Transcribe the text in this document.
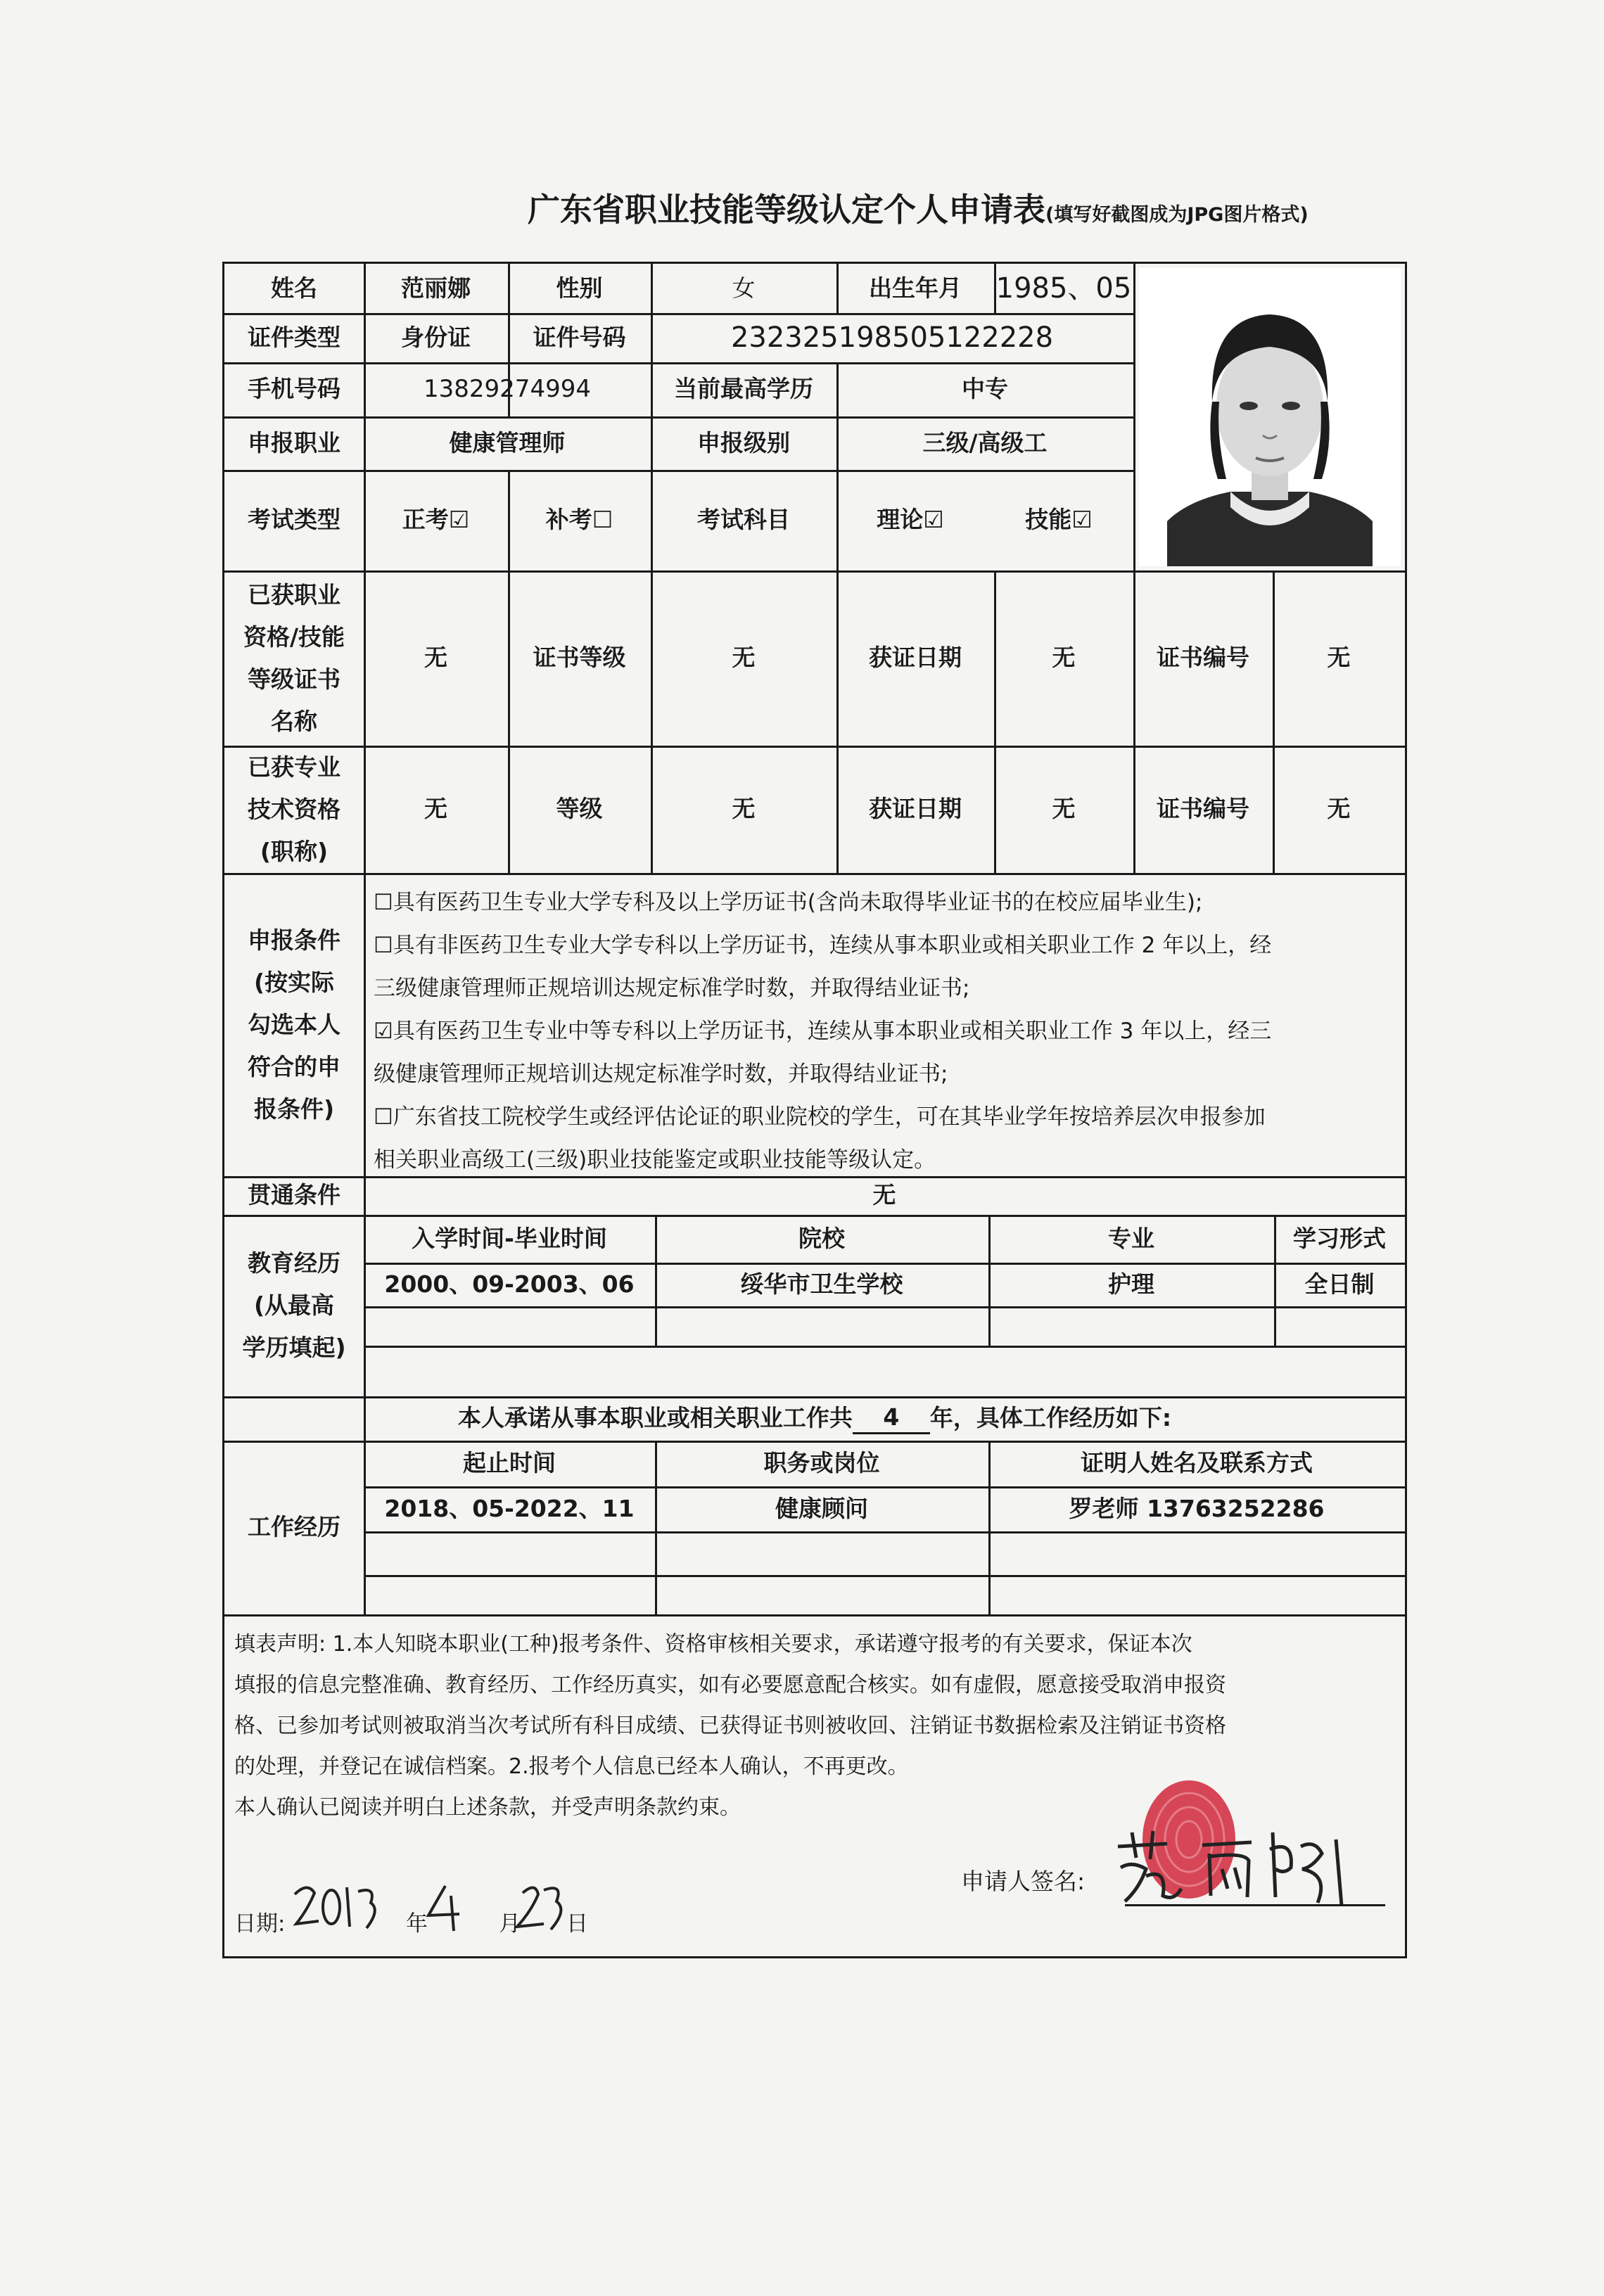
广东省职业技能等级认定个人申请表(填写好截图成为JPG图片格式)
姓名	范丽娜	性别	女	出生年月	1985、05
证件类型	身份证	证件号码	232325198505122228
手机号码	13829274994	当前最高学历	中专
申报职业	健康管理师	申报级别	三级/高级工
考试类型	正考☑	补考☐	考试科目	理论☑	技能☑
已获职业
资格/技能
等级证书
名称
无	证书等级	无	获证日期	无	证书编号	无
已获专业
技术资格
(职称)
无	等级	无	获证日期	无	证书编号	无
申报条件
(按实际
勾选本人
符合的申
报条件)
☐具有医药卫生专业大学专科及以上学历证书(含尚未取得毕业证书的在校应届毕业生);
☐具有非医药卫生专业大学专科以上学历证书，连续从事本职业或相关职业工作 2 年以上，经
三级健康管理师正规培训达规定标准学时数，并取得结业证书;
☑具有医药卫生专业中等专科以上学历证书，连续从事本职业或相关职业工作 3 年以上，经三
级健康管理师正规培训达规定标准学时数，并取得结业证书;
☐广东省技工院校学生或经评估论证的职业院校的学生，可在其毕业学年按培养层次申报参加
相关职业高级工(三级)职业技能鉴定或职业技能等级认定。
贯通条件	无
教育经历
(从最高
学历填起)
入学时间-毕业时间	院校	专业	学习形式
2000、09-2003、06	绥华市卫生学校	护理	全日制
本人承诺从事本职业或相关职业工作共	4	年，具体工作经历如下:
工作经历
起止时间	职务或岗位	证明人姓名及联系方式
2018、05-2022、11	健康顾问	罗老师 13763252286
填表声明: 1.本人知晓本职业(工种)报考条件、资格审核相关要求，承诺遵守报考的有关要求，保证本次
填报的信息完整准确、教育经历、工作经历真实，如有必要愿意配合核实。如有虚假，愿意接受取消申报资
格、已参加考试则被取消当次考试所有科目成绩、已获得证书则被收回、注销证书数据检索及注销证书资格
的处理，并登记在诚信档案。2.报考个人信息已经本人确认，不再更改。
本人确认已阅读并明白上述条款，并受声明条款约束。
申请人签名:
日期:	年	月 日
